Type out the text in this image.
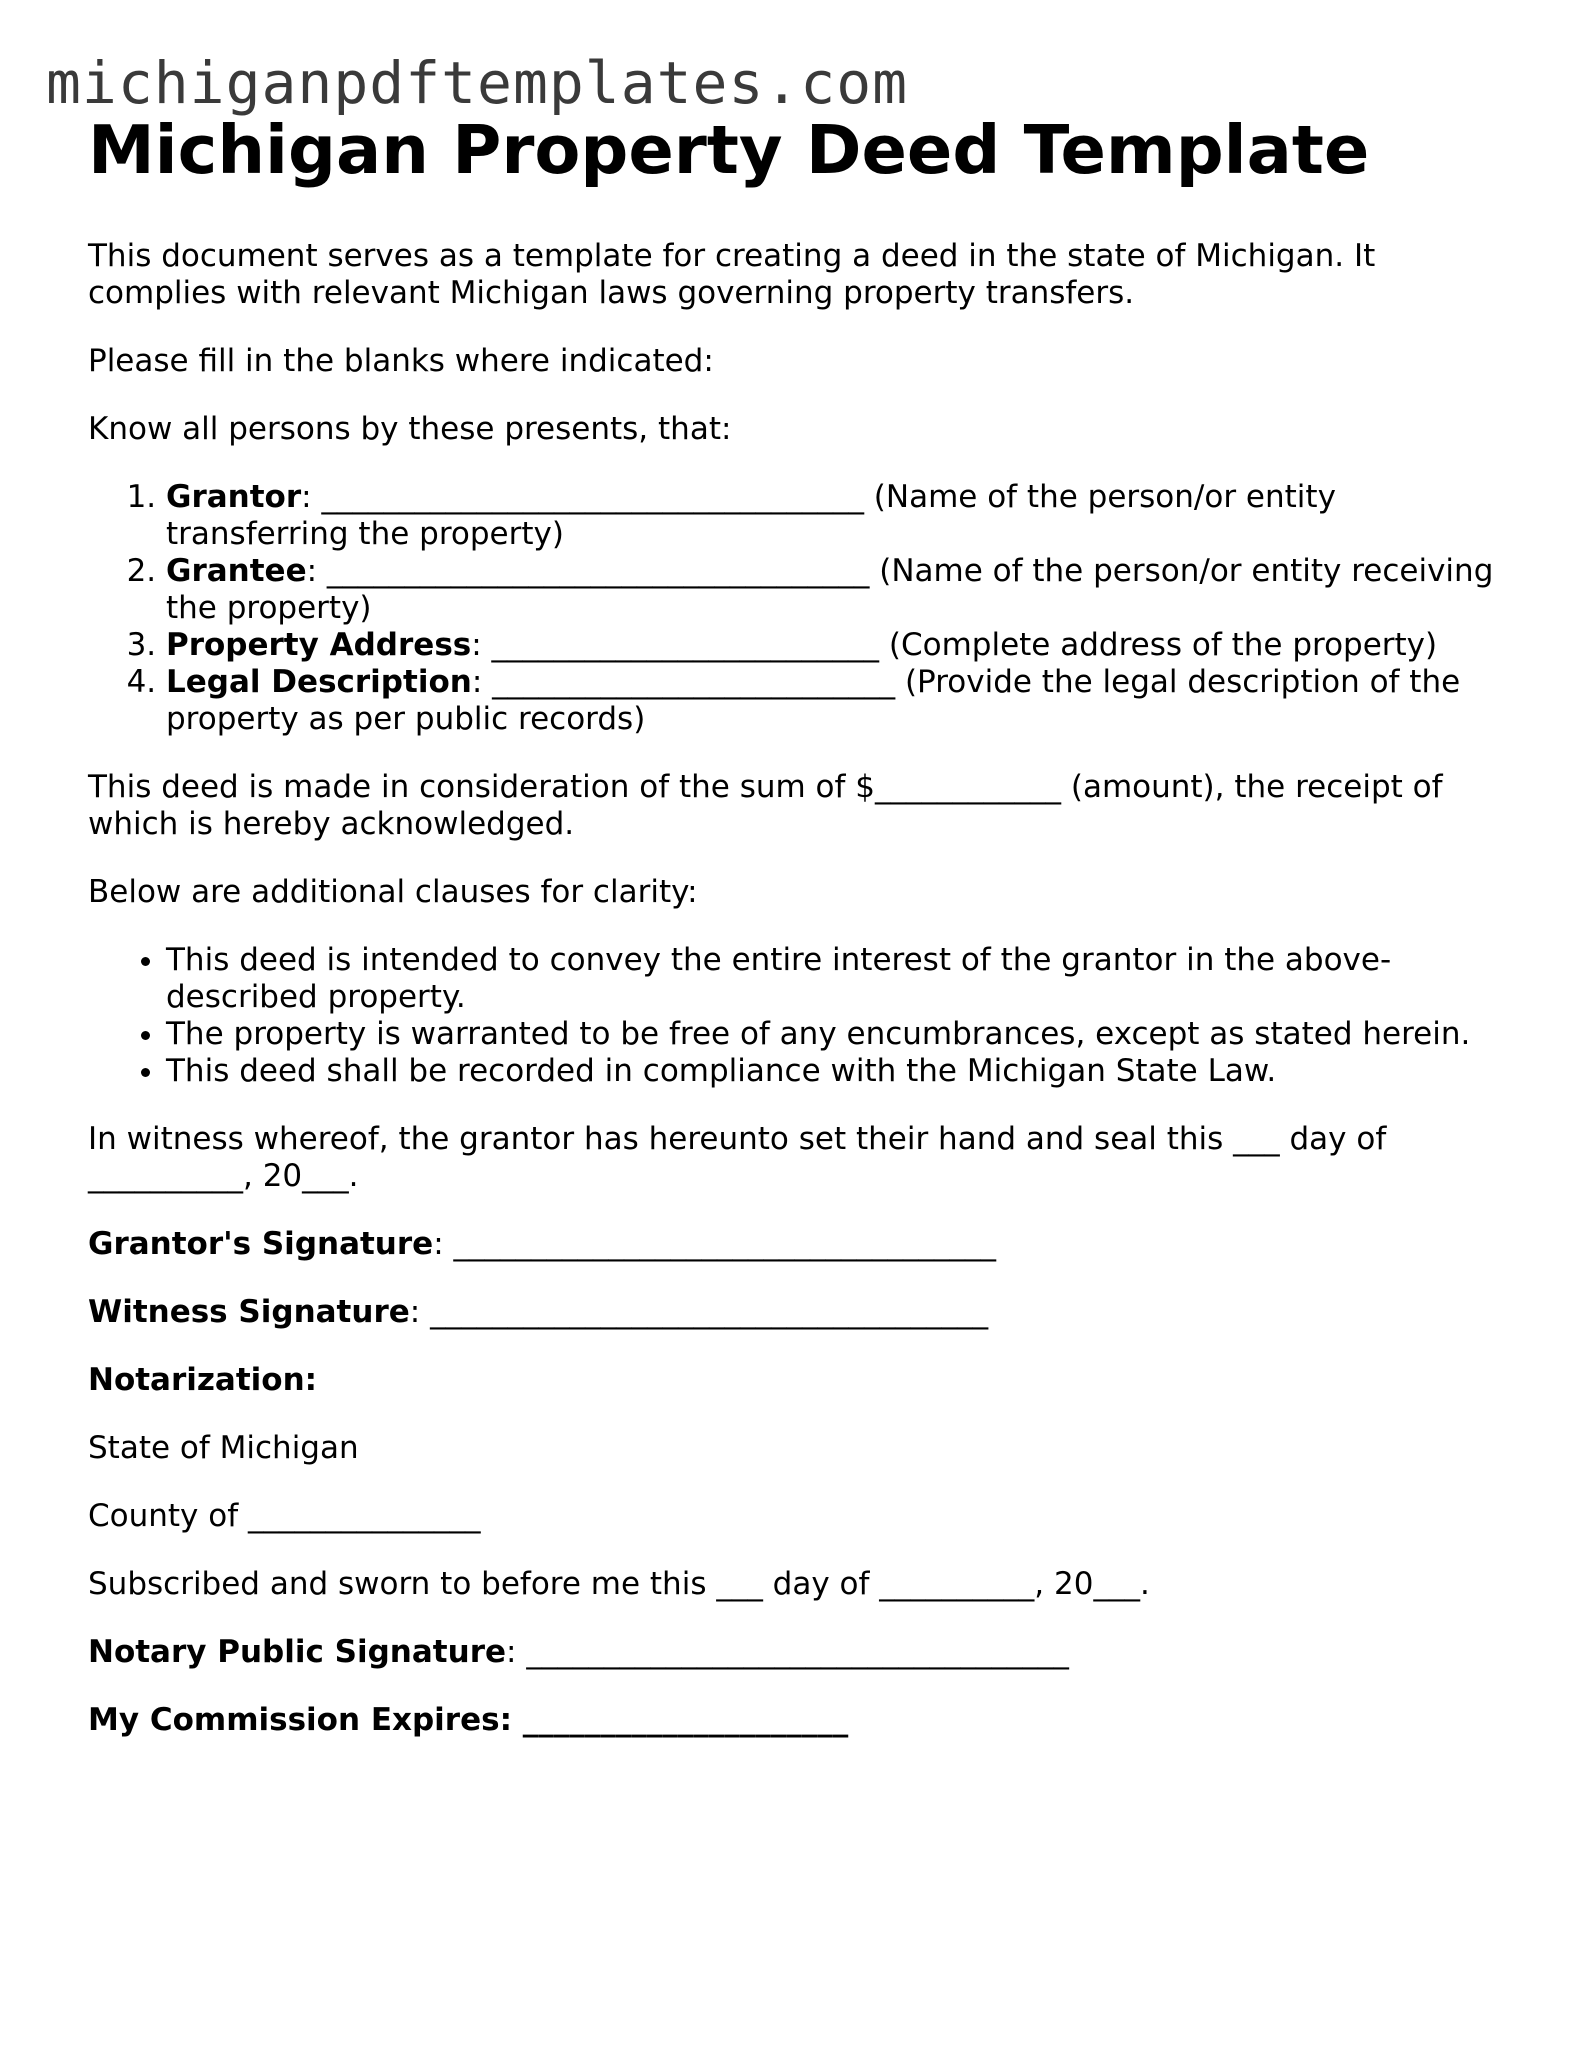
michiganpdftemplates.com
Michigan Property Deed Template

This document serves as a template for creating a deed in the state of Michigan. It complies with relevant Michigan laws governing property transfers.

Please fill in the blanks where indicated:

Know all persons by these presents, that:

1. Grantor: ___________________________________ (Name of the person/or entity transferring the property)
2. Grantee: ___________________________________ (Name of the person/or entity receiving the property)
3. Property Address: _________________________ (Complete address of the property)
4. Legal Description: __________________________ (Provide the legal description of the property as per public records)

This deed is made in consideration of the sum of $____________ (amount), the receipt of which is hereby acknowledged.

Below are additional clauses for clarity:

• This deed is intended to convey the entire interest of the grantor in the above-described property.
• The property is warranted to be free of any encumbrances, except as stated herein.
• This deed shall be recorded in compliance with the Michigan State Law.

In witness whereof, the grantor has hereunto set their hand and seal this ___ day of __________, 20___.

Grantor's Signature: ___________________________________

Witness Signature: ____________________________________

Notarization:

State of Michigan

County of _______________

Subscribed and sworn to before me this ___ day of __________, 20___.

Notary Public Signature: ___________________________________

My Commission Expires: _____________________
